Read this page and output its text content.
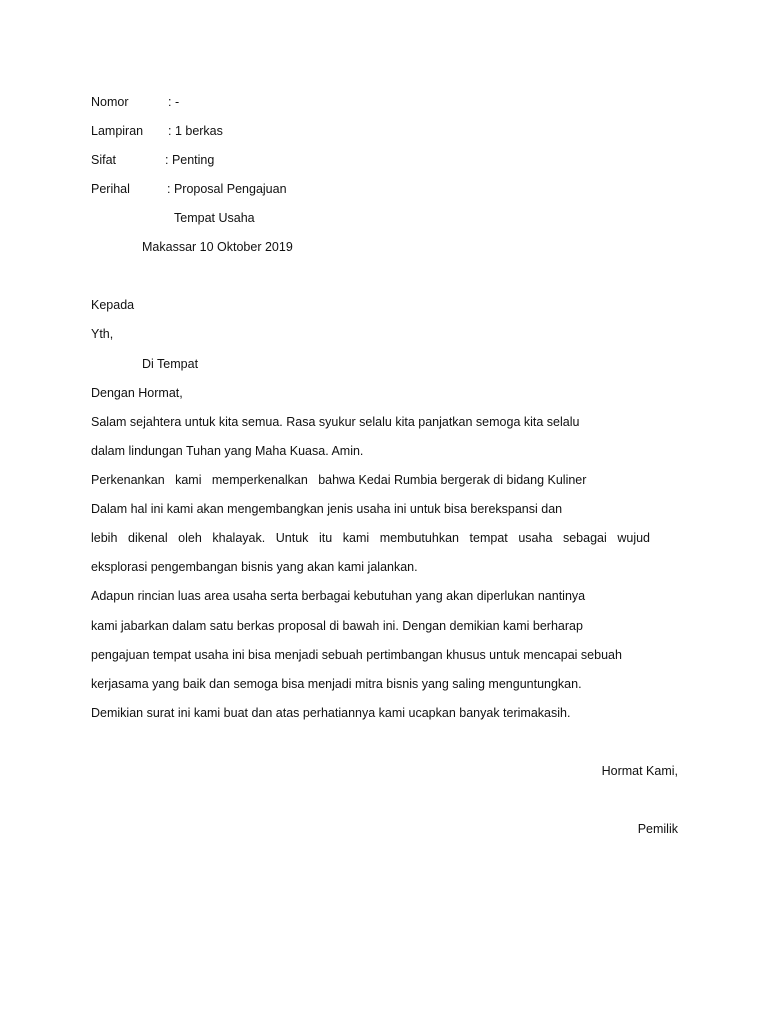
Nomor	: -
Lampiran : 1 berkas
Sifat	: Penting
Perihal	: Proposal Pengajuan
Tempat Usaha
Makassar 10 Oktober 2019
Kepada
Yth,
Di Tempat
Dengan Hormat,
Salam sejahtera untuk kita semua. Rasa syukur selalu kita panjatkan semoga kita selalu
dalam lindungan Tuhan yang Maha Kuasa. Amin.
Perkenankan   kami   memperkenalkan   bahwa Kedai Rumbia bergerak di bidang Kuliner
Dalam hal ini kami akan mengembangkan jenis usaha ini untuk bisa berekspansi dan
lebih dikenal oleh khalayak. Untuk itu kami membutuhkan tempat usaha sebagai wujud
eksplorasi pengembangan bisnis yang akan kami jalankan.
Adapun rincian luas area usaha serta berbagai kebutuhan yang akan diperlukan nantinya
kami jabarkan dalam satu berkas proposal di bawah ini. Dengan demikian kami berharap
pengajuan tempat usaha ini bisa menjadi sebuah pertimbangan khusus untuk mencapai sebuah
kerjasama yang baik dan semoga bisa menjadi mitra bisnis yang saling menguntungkan.
Demikian surat ini kami buat dan atas perhatiannya kami ucapkan banyak terimakasih.
Hormat Kami,
Pemilik
